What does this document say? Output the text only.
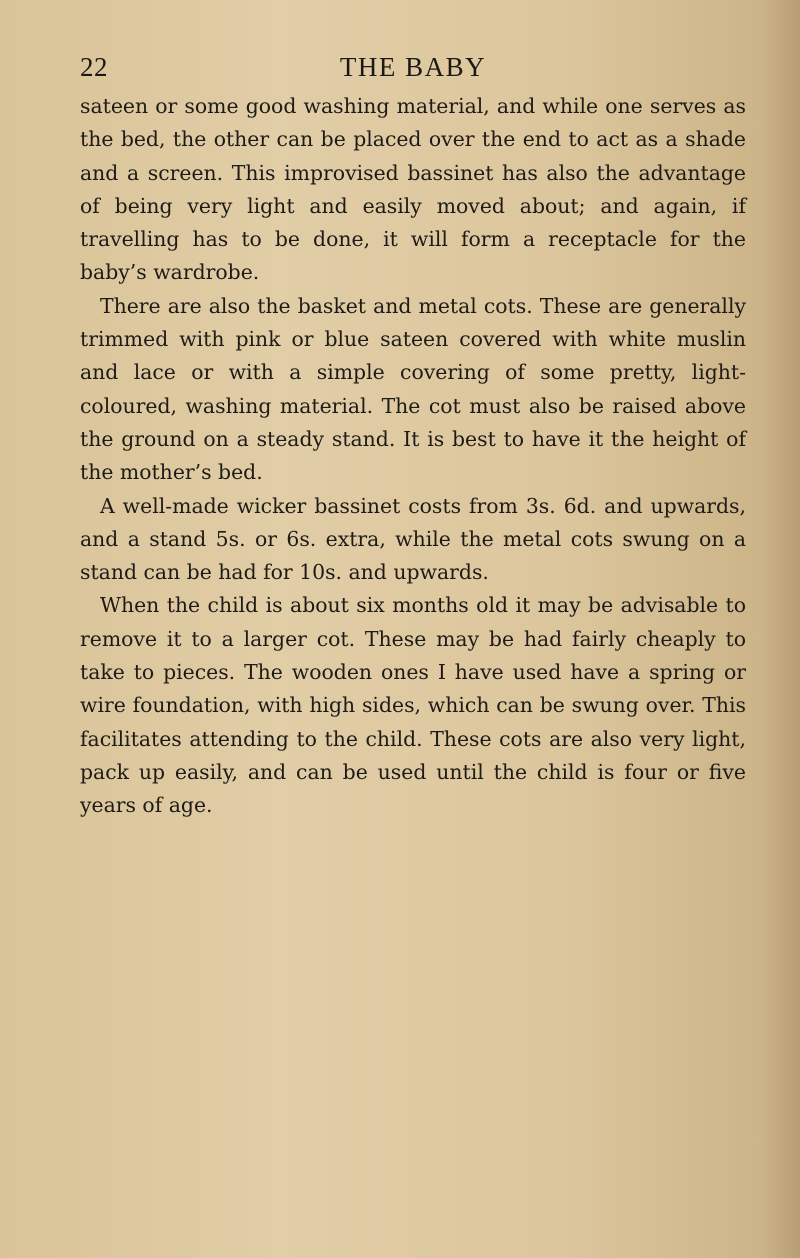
22	THE BABY

sateen or some good washing material, and while one serves as the bed, the other can be placed over the end to act as a shade and a screen. This improvised bassinet has also the advantage of being very light and easily moved about; and again, if travelling has to be done, it will form a receptacle for the baby’s wardrobe.

There are also the basket and metal cots. These are generally trimmed with pink or blue sateen covered with white muslin and lace or with a simple covering of some pretty, light-coloured, washing material. The cot must also be raised above the ground on a steady stand. It is best to have it the height of the mother’s bed.

A well-made wicker bassinet costs from 3s. 6d. and upwards, and a stand 5s. or 6s. extra, while the metal cots swung on a stand can be had for 10s. and upwards.

When the child is about six months old it may be advisable to remove it to a larger cot. These may be had fairly cheaply to take to pieces. The wooden ones I have used have a spring or wire foundation, with high sides, which can be swung over. This facilitates attending to the child. These cots are also very light, pack up easily, and can be used until the child is four or five years of age.
